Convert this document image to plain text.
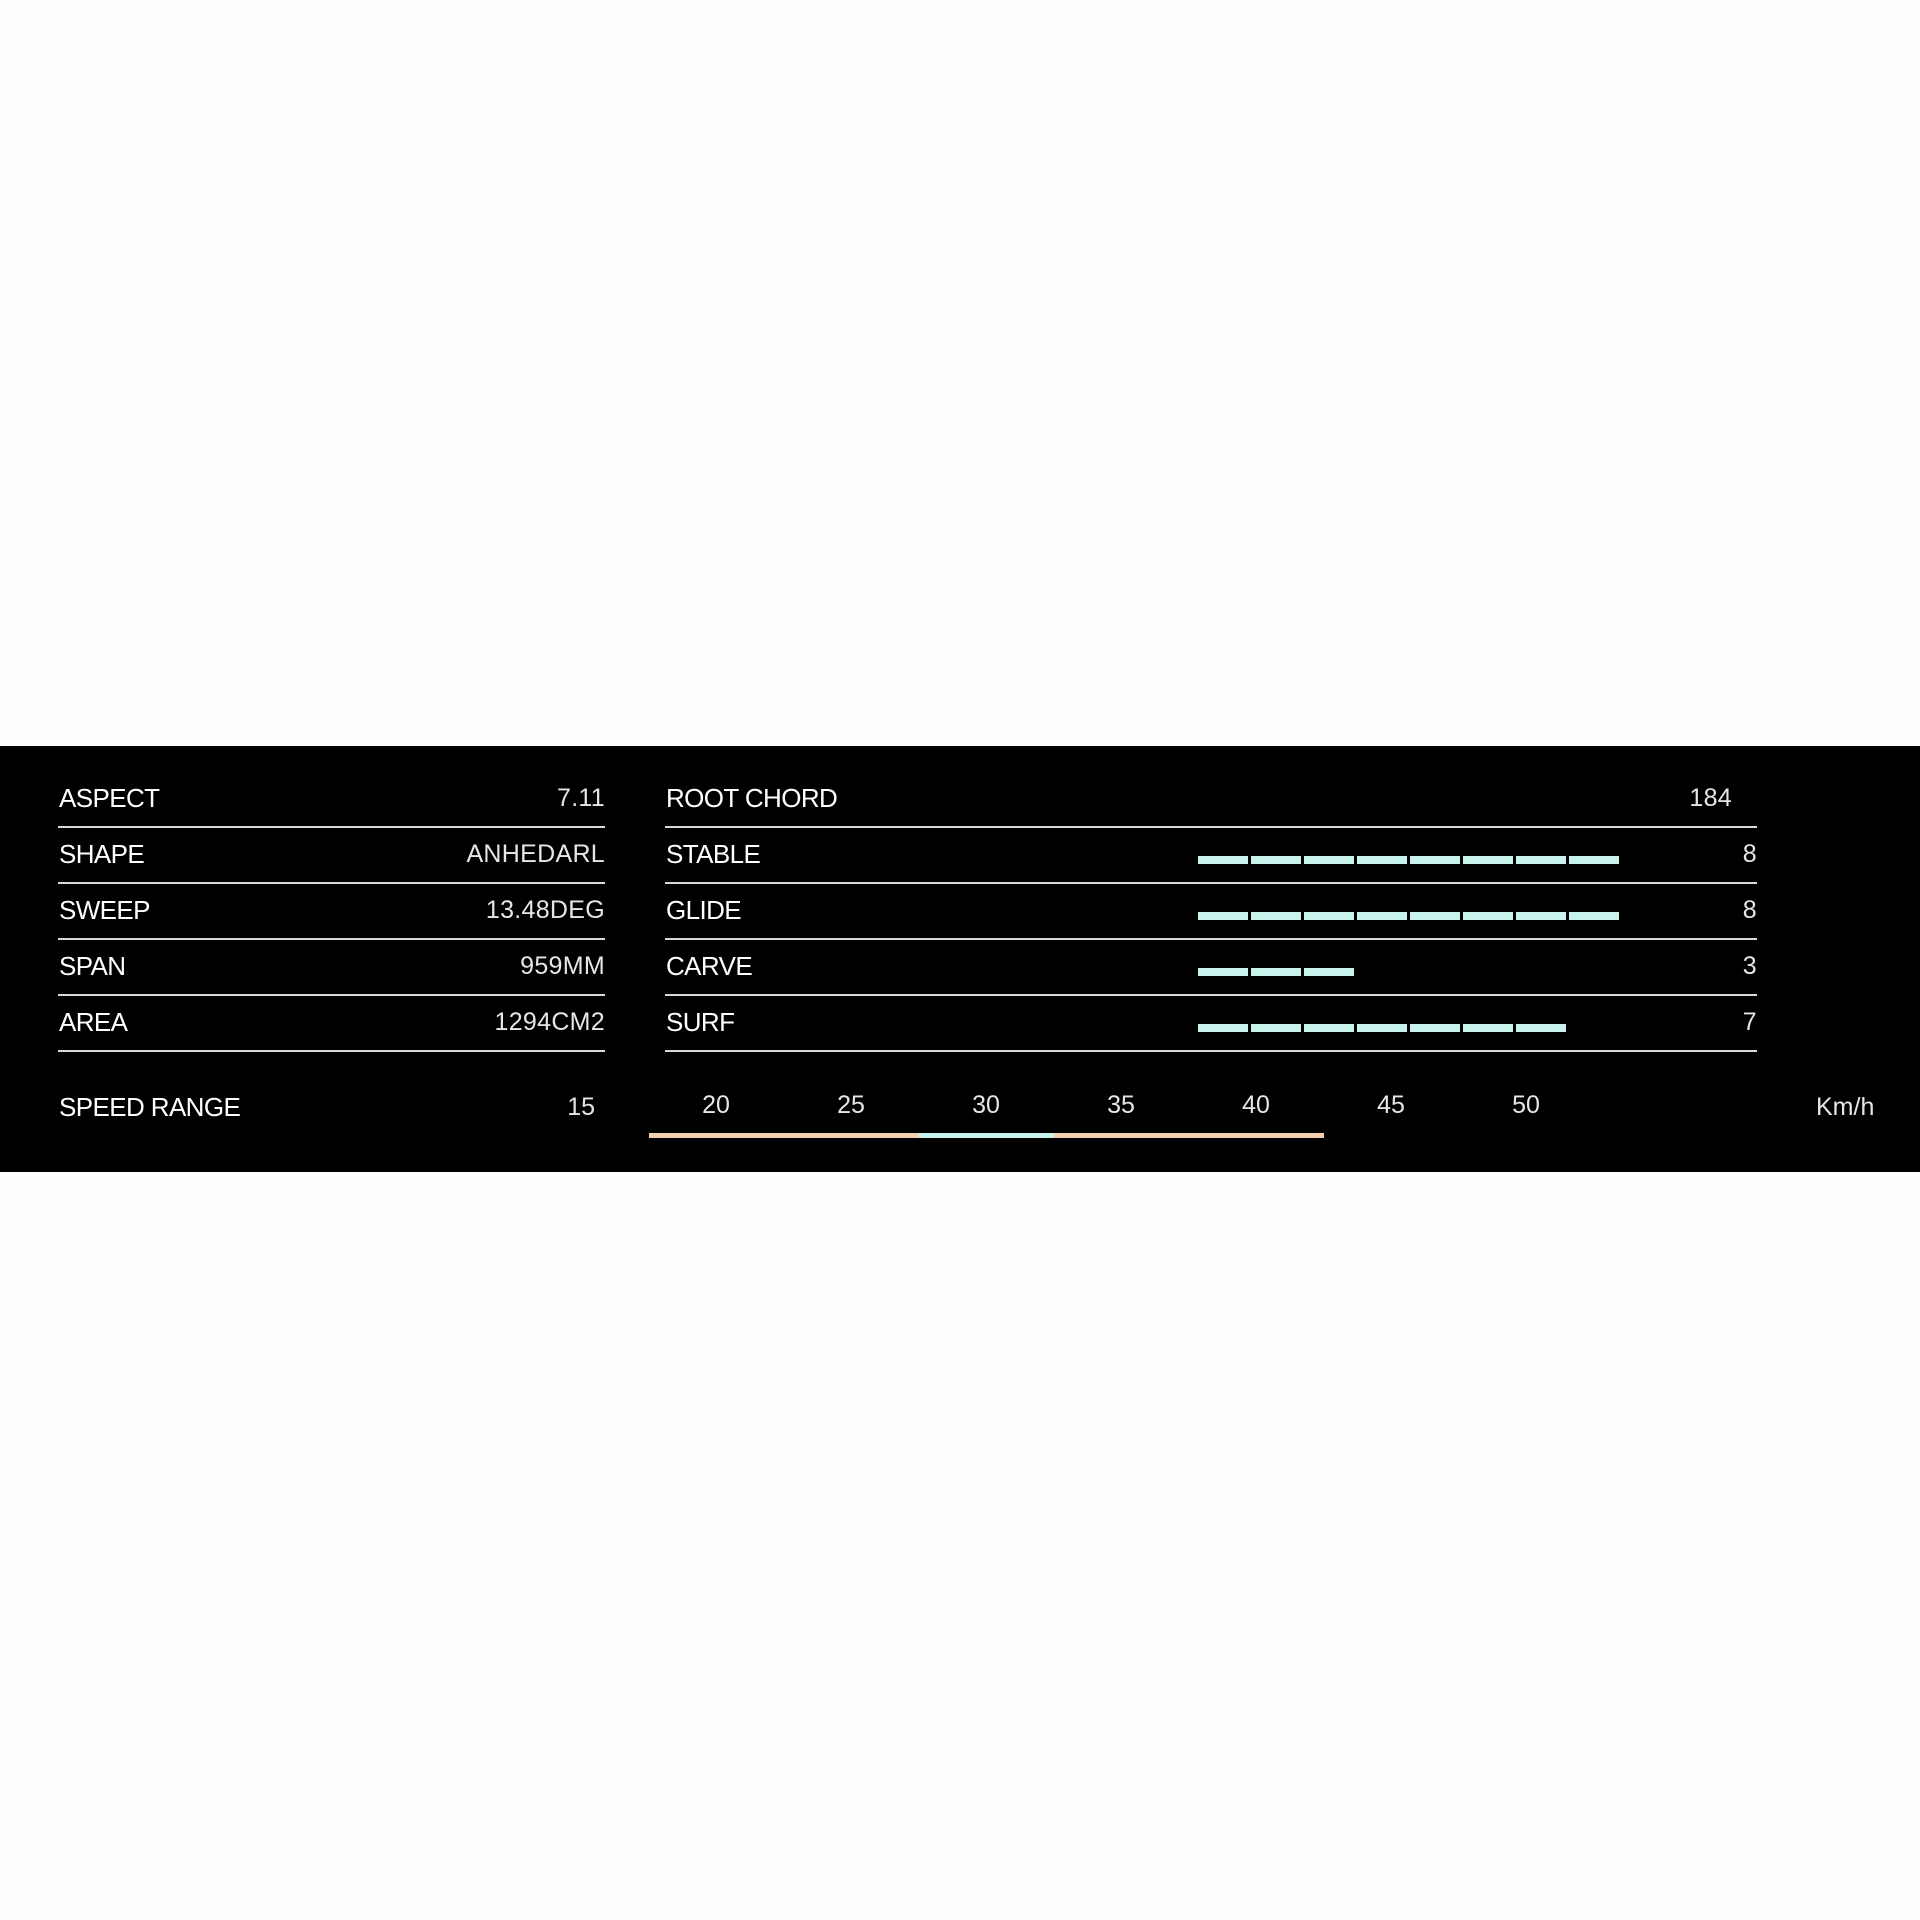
ASPECT	7.11
SHAPE	ANHEDARL
SWEEP	13.48DEG
SPAN	959MM
AREA	1294CM2
ROOT CHORD	184
STABLE	8
GLIDE	8
CARVE	3
SURF	7
SPEED RANGE	15	20	25	30	35	40	45	50	Km/h
